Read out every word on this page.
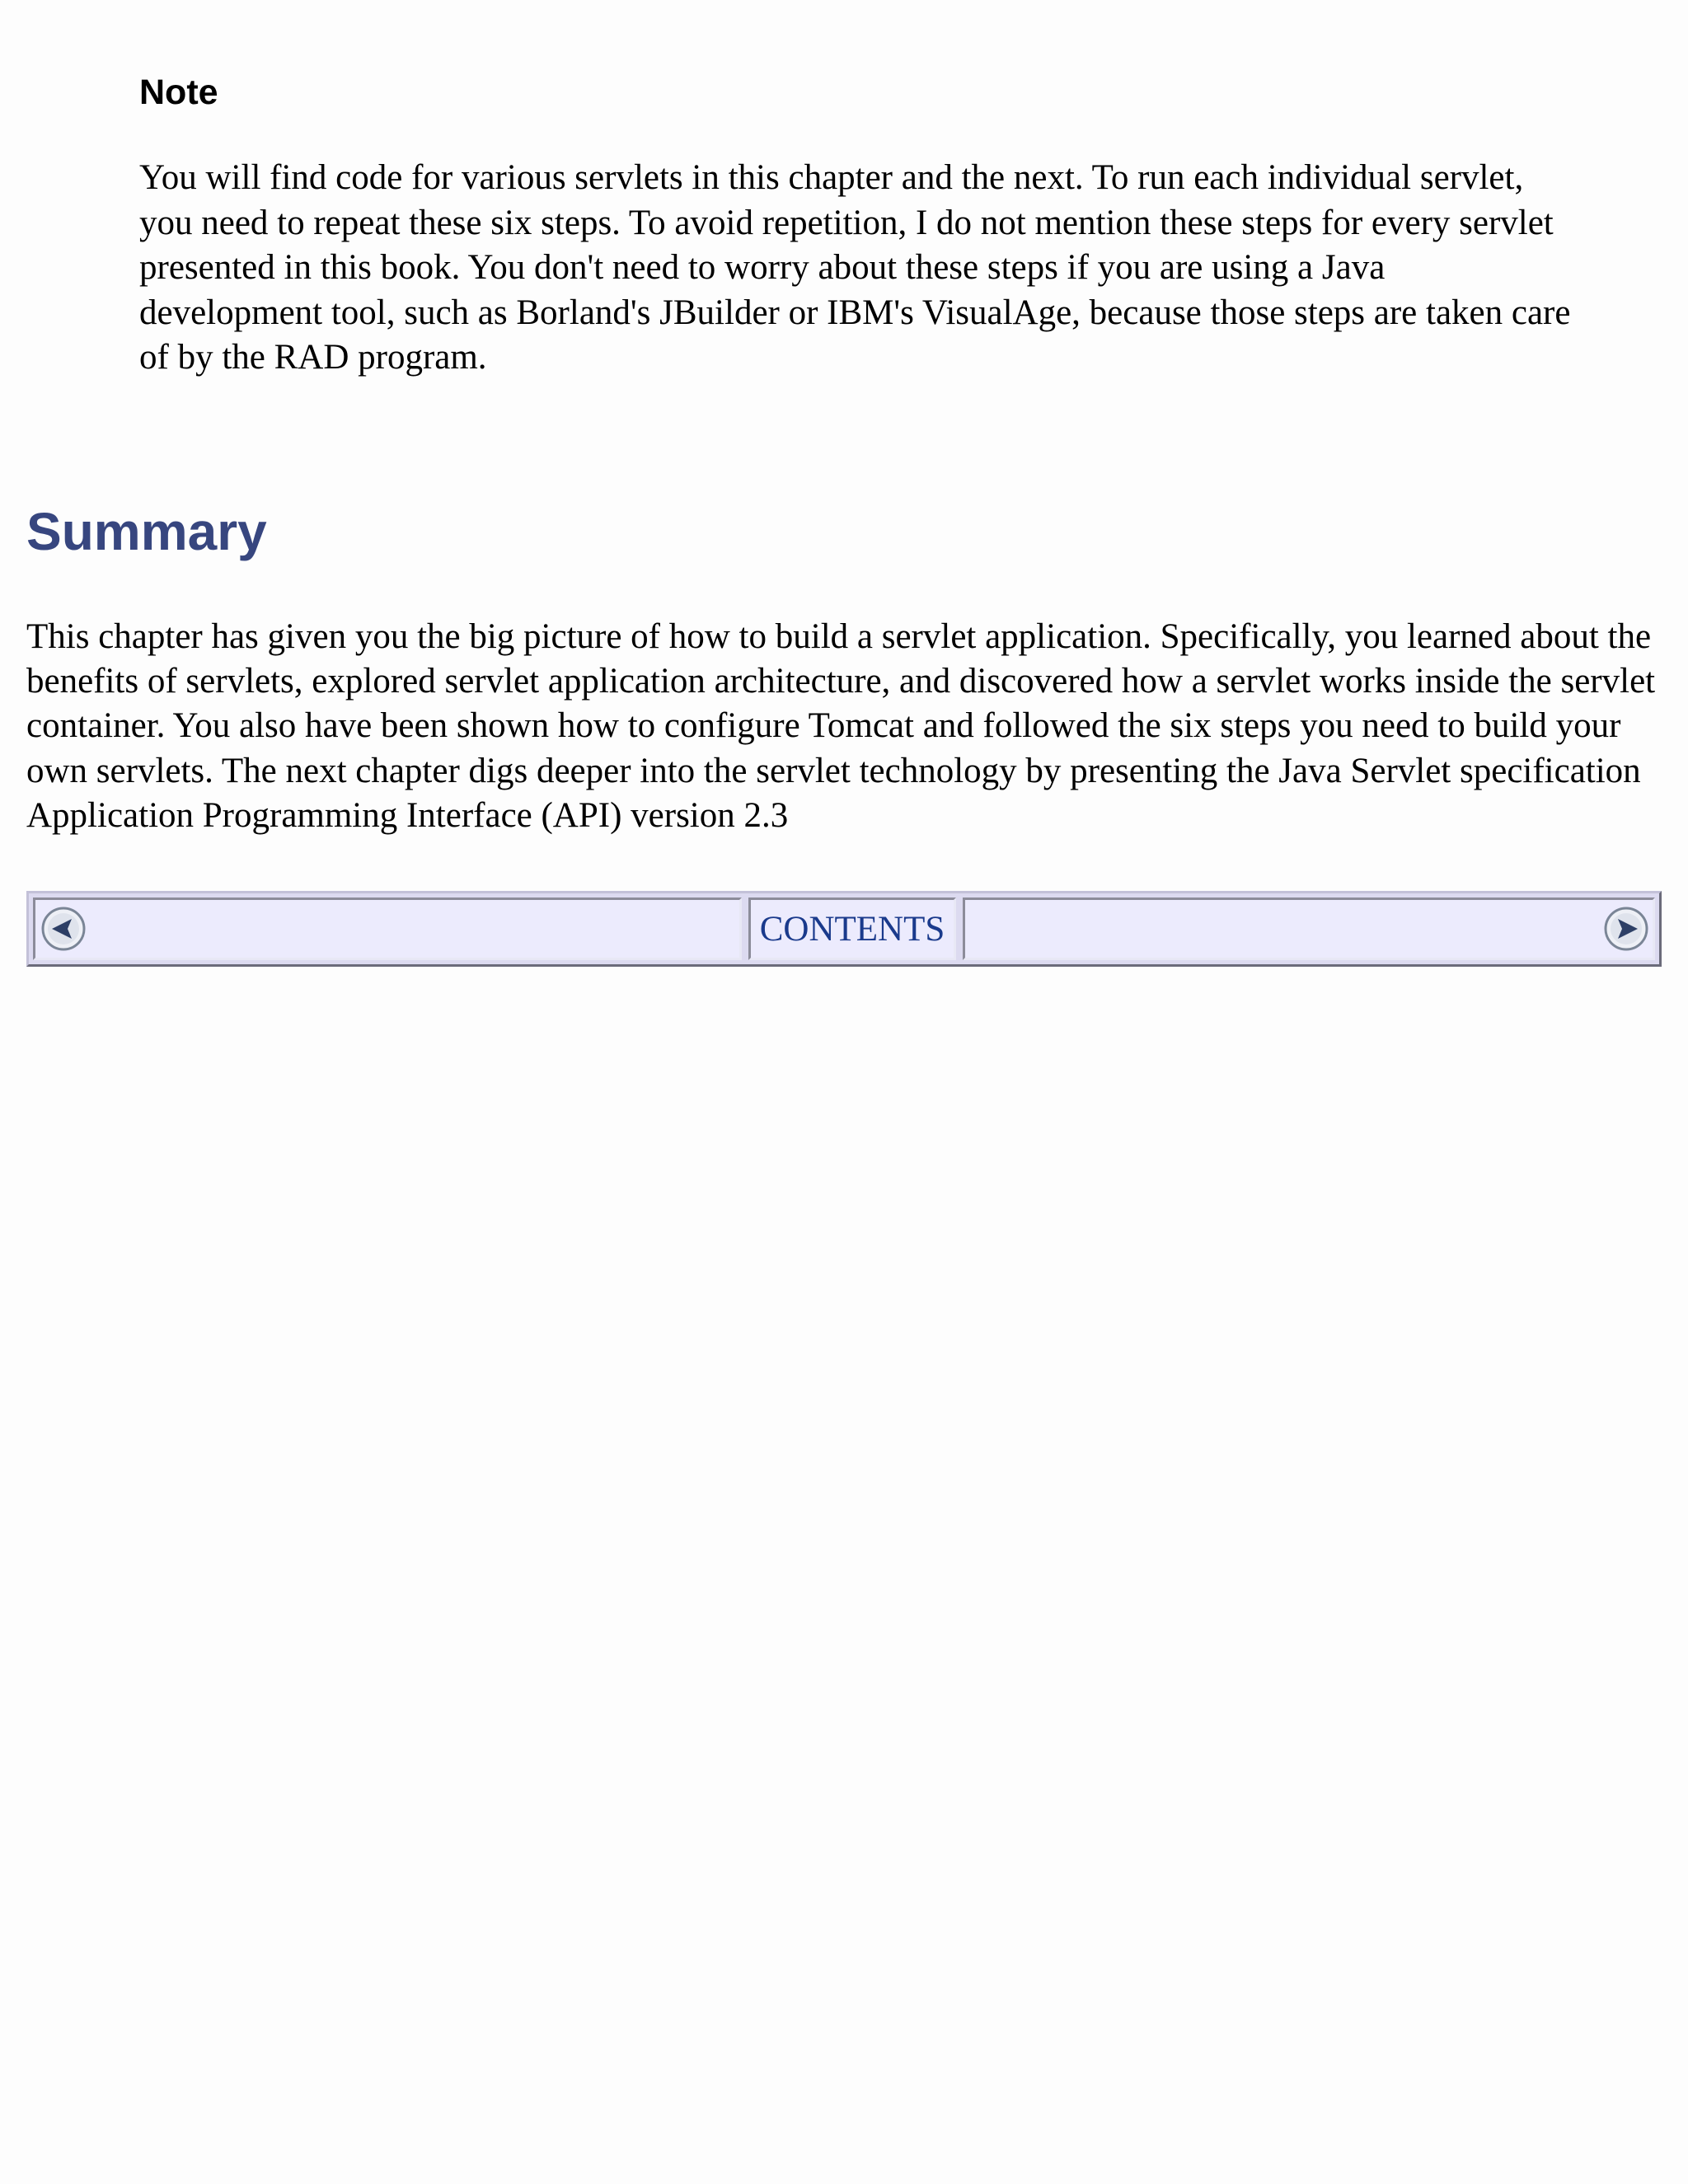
Note

You will find code for various servlets in this chapter and the next. To run each individual servlet, you need to repeat these six steps. To avoid repetition, I do not mention these steps for every servlet presented in this book. You don't need to worry about these steps if you are using a Java development tool, such as Borland's JBuilder or IBM's VisualAge, because those steps are taken care of by the RAD program.

Summary

This chapter has given you the big picture of how to build a servlet application. Specifically, you learned about the benefits of servlets, explored servlet application architecture, and discovered how a servlet works inside the servlet container. You also have been shown how to configure Tomcat and followed the six steps you need to build your own servlets. The next chapter digs deeper into the servlet technology by presenting the Java Servlet specification Application Programming Interface (API) version 2.3

CONTENTS
